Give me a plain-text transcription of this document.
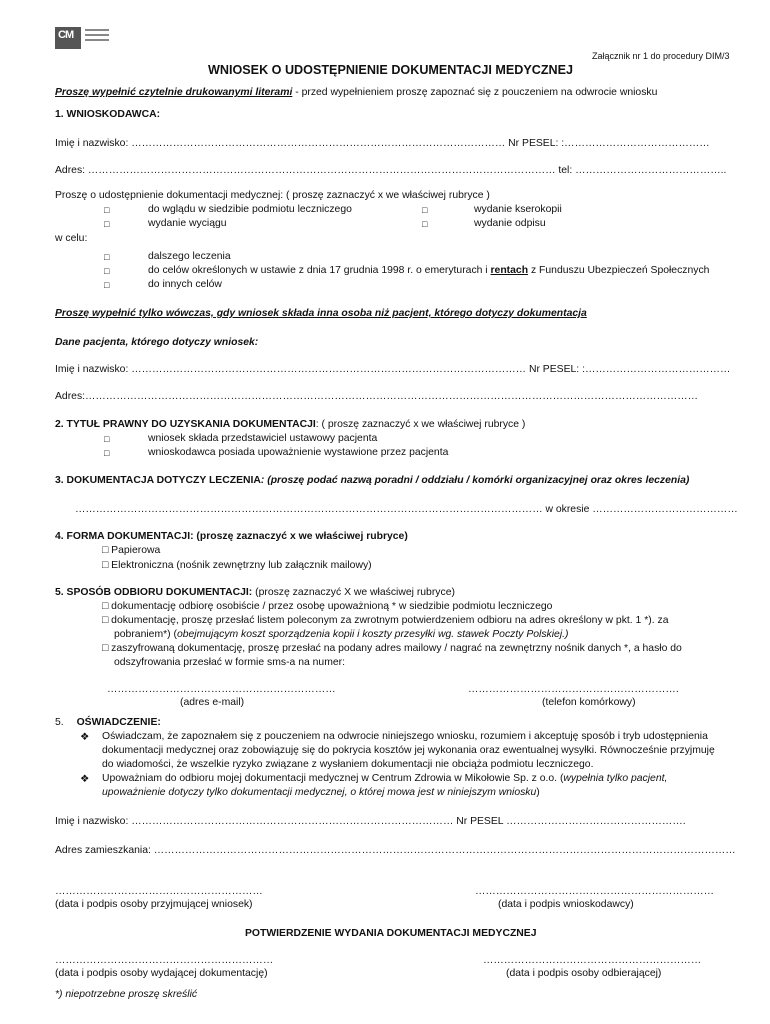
CM
Załącznik nr 1 do procedury DIM/3
WNIOSEK O UDOSTĘPNIENIE DOKUMENTACJI MEDYCZNEJ
Proszę wypełnić czytelnie drukowanymi literami - przed wypełnieniem proszę zapoznać się z pouczeniem na odwrocie wniosku
1. WNIOSKODAWCA:
Imię i nazwisko: ……………………………………………………………………………………………… Nr PESEL: :……………………………………
Adres: ……………………………………………………………………………………………………………………… tel: ……………………………………..
Proszę o udostępnienie dokumentacji medycznej: ( proszę zaznaczyć x we właściwej rubryce )
□	do wglądu w siedzibie podmiotu leczniczego	□	wydanie kserokopii
□	wydanie wyciągu	□	wydanie odpisu
w celu:
□	dalszego leczenia
□	do celów określonych w ustawie z dnia 17 grudnia 1998 r. o emeryturach i rentach z Funduszu Ubezpieczeń Społecznych
□	do innych celów
Proszę wypełnić tylko wówczas, gdy wniosek składa inna osoba niż pacjent, którego dotyczy dokumentacja
Dane pacjenta, którego dotyczy wniosek:
Imię i nazwisko: …………………………………………………………………………………………………… Nr PESEL: :……………………………………
Adres:……………………………………………………………………………………………………………………………………………………………
2. TYTUŁ PRAWNY DO UZYSKANIA DOKUMENTACJI: ( proszę zaznaczyć x we właściwej rubryce )
□	wniosek składa przedstawiciel ustawowy pacjenta
□	wnioskodawca posiada upoważnienie wystawione przez pacjenta
3. DOKUMENTACJA DOTYCZY LECZENIA: (proszę podać nazwą poradni / oddziału / komórki organizacyjnej oraz okres leczenia)
……………………………………………………………………………………………………………………… w okresie ……………………………………
4. FORMA DOKUMENTACJI: (proszę zaznaczyć x we właściwej rubryce)
□ Papierowa
□ Elektroniczna (nośnik zewnętrzny lub załącznik mailowy)
5. SPOSÓB ODBIORU DOKUMENTACJI: (proszę zaznaczyć X we właściwej rubryce)
□ dokumentację odbiorę osobiście / przez osobę upoważnioną * w siedzibie podmiotu leczniczego
□ dokumentację, proszę przesłać listem poleconym za zwrotnym potwierdzeniem odbioru na adres określony w pkt. 1 *). za
pobraniem*) (obejmującym koszt sporządzenia kopii i koszty przesyłki wg. stawek Poczty Polskiej.)
□ zaszyfrowaną dokumentację, proszę przesłać na podany adres mailowy / nagrać na zewnętrzny nośnik danych *, a hasło do
odszyfrowania przesłać w formie sms-a na numer:
…………………………………………………………	…………………………………………………….
(adres e-mail)	(telefon komórkowy)
5. OŚWIADCZENIE:
❖ Oświadczam, że zapoznałem się z pouczeniem na odwrocie niniejszego wniosku, rozumiem i akceptuję sposób i tryb udostępnienia
dokumentacji medycznej oraz zobowiązuję się do pokrycia kosztów jej wykonania oraz ewentualnej wysyłki. Równocześnie przyjmuję
do wiadomości, że wszelkie ryzyko związane z wysłaniem dokumentacji nie obciąża podmiotu leczniczego.
❖ Upoważniam do odbioru mojej dokumentacji medycznej w Centrum Zdrowia w Mikołowie Sp. z o.o. (wypełnia tylko pacjent,
upoważnienie dotyczy tylko dokumentacji medycznej, o której mowa jest w niniejszym wniosku)
Imię i nazwisko: ………………………………………………………………………………… Nr PESEL …………………………………………….
Adres zamieszkania: ……………………………………………………………………………………………………………………………………………………
……………………………………………………	……………………………………………………………
(data i podpis osoby przyjmującej wniosek)	(data i podpis wnioskodawcy)
POTWIERDZENIE WYDANIA DOKUMENTACJI MEDYCZNEJ
………………………………………………………	………………………………………………………
(data i podpis osoby wydającej dokumentację)	(data i podpis osoby odbierającej)
*) niepotrzebne proszę skreślić
